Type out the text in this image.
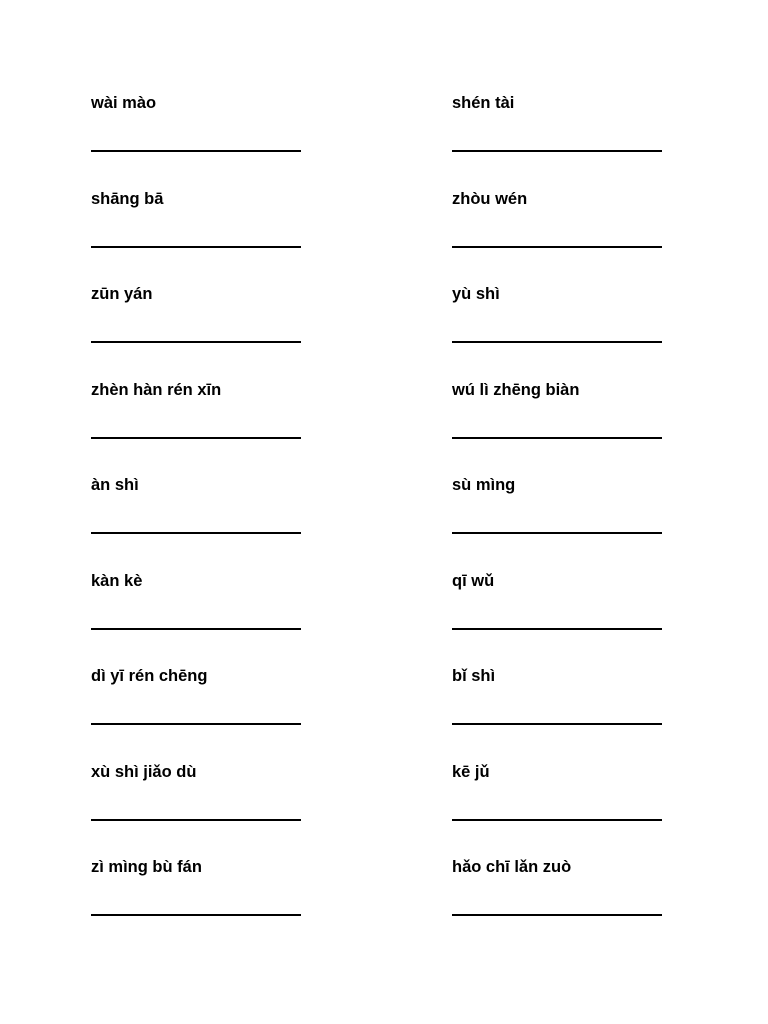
wài mào
shāng bā
zūn yán
zhèn hàn rén xīn
àn shì
kàn kè
dì yī rén chēng
xù shì jiǎo dù
zì mìng bù fán
shén tài
zhòu wén
yù shì
wú lì zhēng biàn
sù mìng
qī wǔ
bǐ shì
kē jǔ
hǎo chī lǎn zuò
